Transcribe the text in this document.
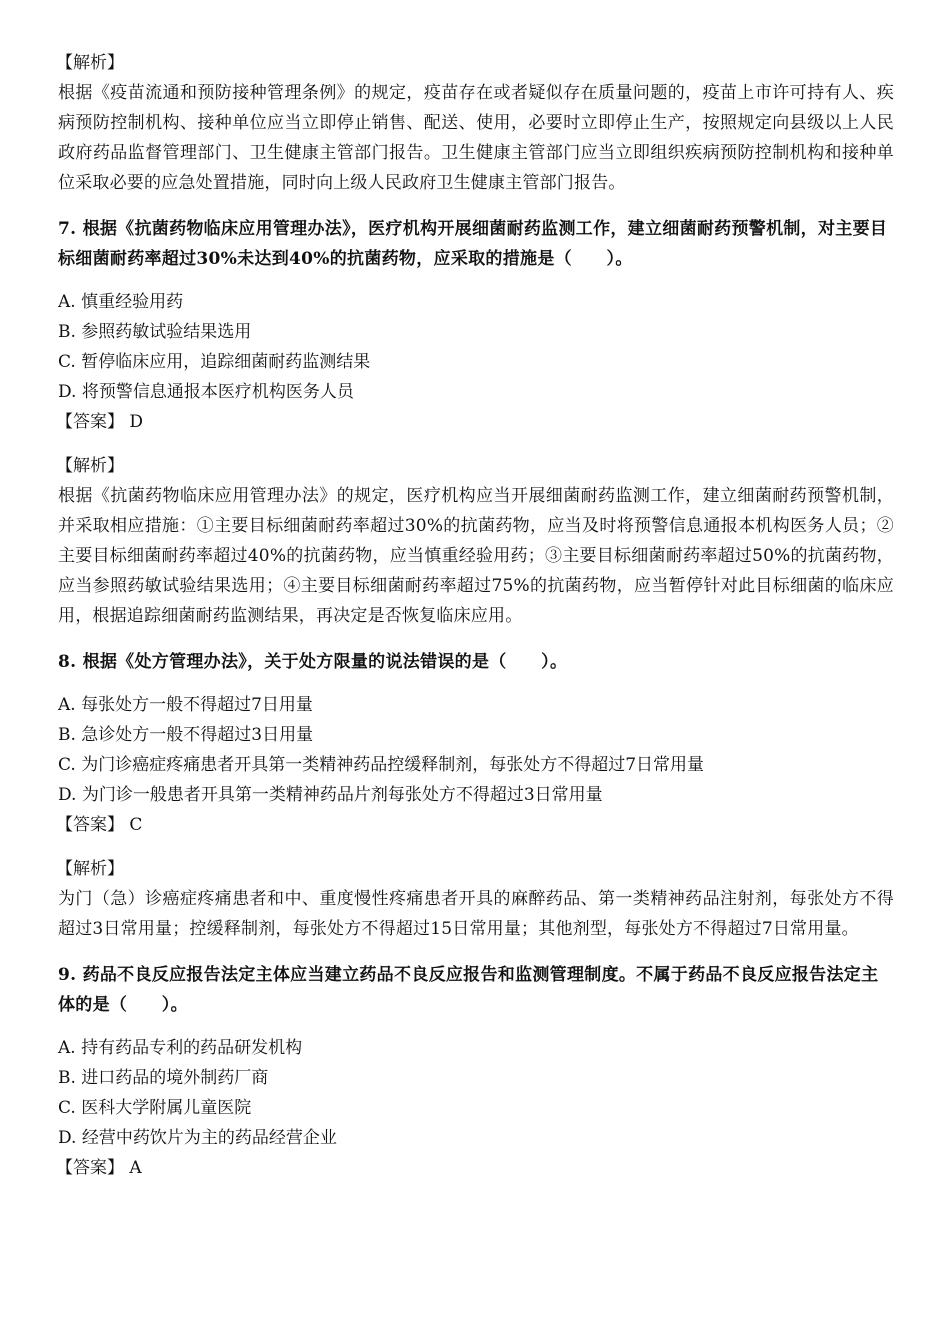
【解析】
根据《疫苗流通和预防接种管理条例》的规定，疫苗存在或者疑似存在质量问题的，疫苗上市许可持有人、疾病预防控制机构、接种单位应当立即停止销售、配送、使用，必要时立即停止生产，按照规定向县级以上人民政府药品监督管理部门、卫生健康主管部门报告。卫生健康主管部门应当立即组织疾病预防控制机构和接种单位采取必要的应急处置措施，同时向上级人民政府卫生健康主管部门报告。
7. 根据《抗菌药物临床应用管理办法》，医疗机构开展细菌耐药监测工作，建立细菌耐药预警机制，对主要目标细菌耐药率超过30%未达到40%的抗菌药物，应采取的措施是（　　）。
A. 慎重经验用药
B. 参照药敏试验结果选用
C. 暂停临床应用，追踪细菌耐药监测结果
D. 将预警信息通报本医疗机构医务人员
【答案】 D
【解析】
根据《抗菌药物临床应用管理办法》的规定，医疗机构应当开展细菌耐药监测工作，建立细菌耐药预警机制，并采取相应措施：①主要目标细菌耐药率超过30%的抗菌药物，应当及时将预警信息通报本机构医务人员；②主要目标细菌耐药率超过40%的抗菌药物，应当慎重经验用药；③主要目标细菌耐药率超过50%的抗菌药物，应当参照药敏试验结果选用；④主要目标细菌耐药率超过75%的抗菌药物，应当暂停针对此目标细菌的临床应用，根据追踪细菌耐药监测结果，再决定是否恢复临床应用。
8. 根据《处方管理办法》，关于处方限量的说法错误的是（　　）。
A. 每张处方一般不得超过7日用量
B. 急诊处方一般不得超过3日用量
C. 为门诊癌症疼痛患者开具第一类精神药品控缓释制剂，每张处方不得超过7日常用量
D. 为门诊一般患者开具第一类精神药品片剂每张处方不得超过3日常用量
【答案】 C
【解析】
为门（急）诊癌症疼痛患者和中、重度慢性疼痛患者开具的麻醉药品、第一类精神药品注射剂，每张处方不得超过3日常用量；控缓释制剂，每张处方不得超过15日常用量；其他剂型，每张处方不得超过7日常用量。
9. 药品不良反应报告法定主体应当建立药品不良反应报告和监测管理制度。不属于药品不良反应报告法定主体的是（　　）。
A. 持有药品专利的药品研发机构
B. 进口药品的境外制药厂商
C. 医科大学附属儿童医院
D. 经营中药饮片为主的药品经营企业
【答案】 A
